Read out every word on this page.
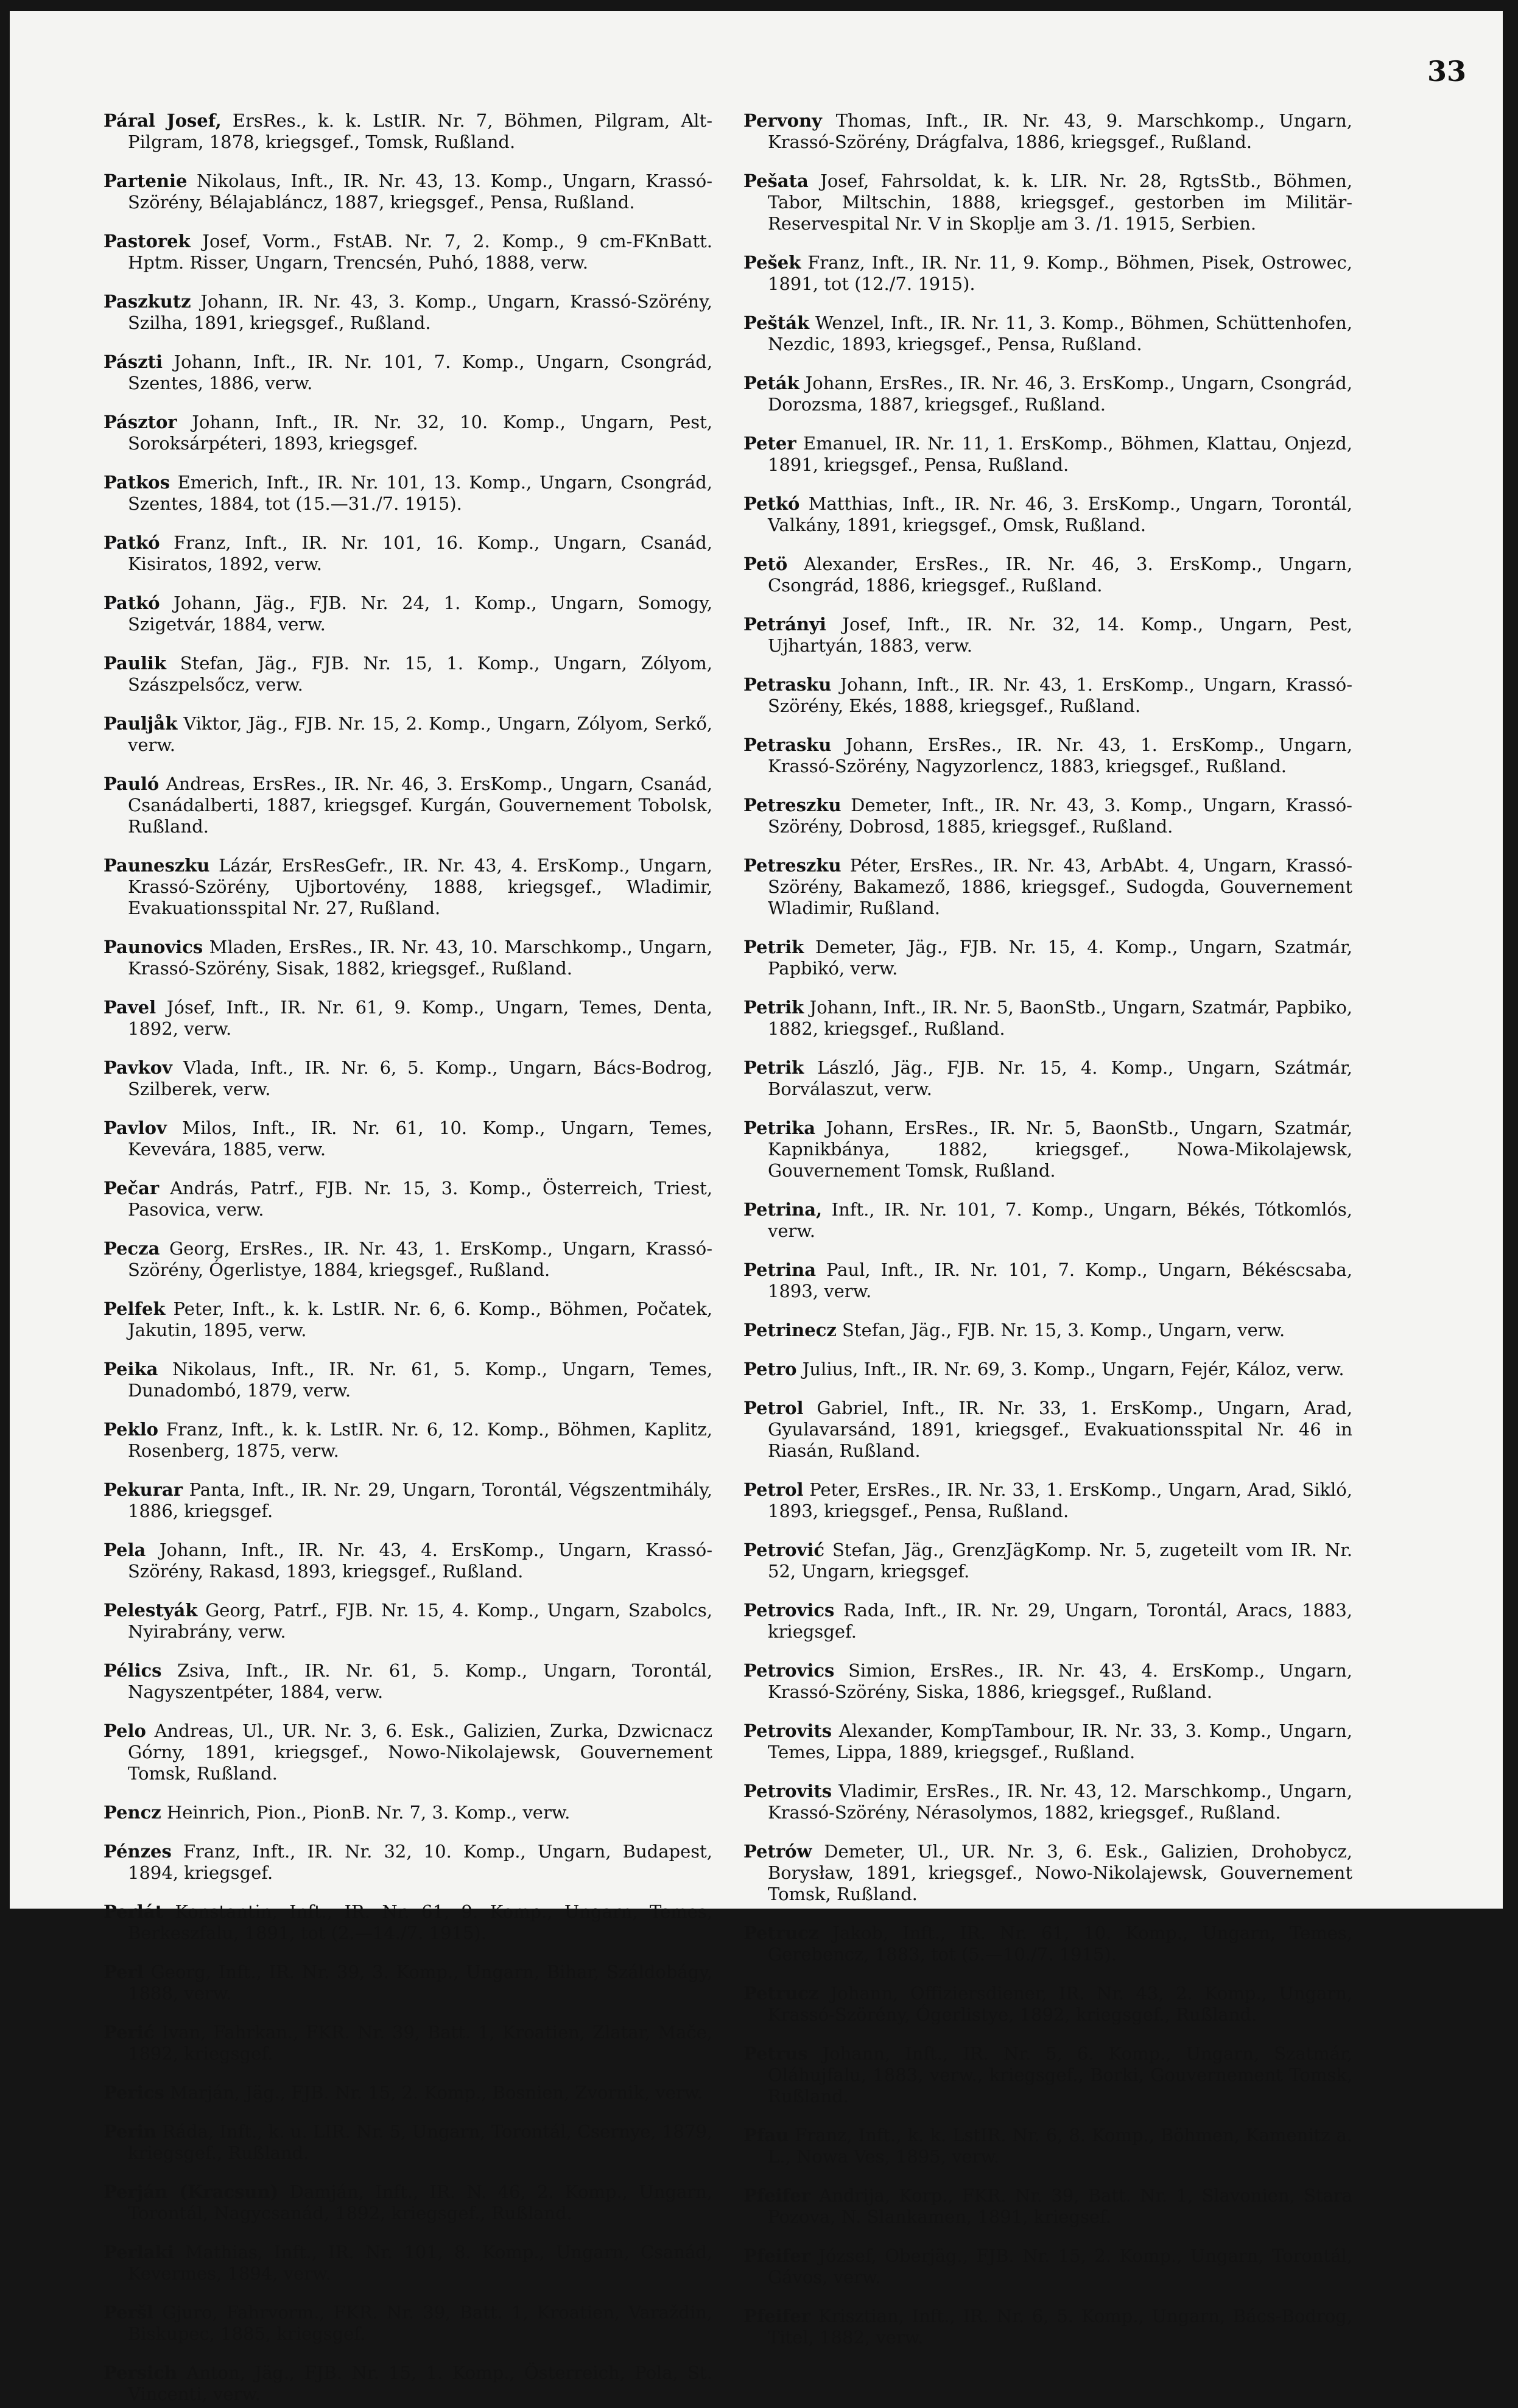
33

Páral Josef, ErsRes., k. k. LstIR. Nr. 7, Böhmen, Pilgram, Alt-Pilgram, 1878, kriegsgef., Tomsk, Rußland.

Partenie Nikolaus, Inft., IR. Nr. 43, 13. Komp., Ungarn, Krassó-Szörény, Bélajabláncz, 1887, kriegsgef., Pensa, Rußland.

Pastorek Josef, Vorm., FstAB. Nr. 7, 2. Komp., 9 cm-FKnBatt. Hptm. Risser, Ungarn, Trencsén, Puhó, 1888, verw.

Paszkutz Johann, IR. Nr. 43, 3. Komp., Ungarn, Krassó-Szörény, Szilha, 1891, kriegsgef., Rußland.

Pászti Johann, Inft., IR. Nr. 101, 7. Komp., Ungarn, Csongrád, Szentes, 1886, verw.

Pásztor Johann, Inft., IR. Nr. 32, 10. Komp., Ungarn, Pest, Soroksárpéteri, 1893, kriegsgef.

Patkos Emerich, Inft., IR. Nr. 101, 13. Komp., Ungarn, Csongrád, Szentes, 1884, tot (15.—31./7. 1915).

Patkó Franz, Inft., IR. Nr. 101, 16. Komp., Ungarn, Csanád, Kisiratos, 1892, verw.

Patkó Johann, Jäg., FJB. Nr. 24, 1. Komp., Ungarn, Somogy, Szigetvár, 1884, verw.

Paulik Stefan, Jäg., FJB. Nr. 15, 1. Komp., Ungarn, Zólyom, Szászpelsőcz, verw.

Pauljåk Viktor, Jäg., FJB. Nr. 15, 2. Komp., Ungarn, Zólyom, Serkő, verw.

Pauló Andreas, ErsRes., IR. Nr. 46, 3. ErsKomp., Ungarn, Csanád, Csanádalberti, 1887, kriegsgef. Kurgán, Gouvernement Tobolsk, Rußland.

Pauneszku Lázár, ErsResGefr., IR. Nr. 43, 4. ErsKomp., Ungarn, Krassó-Szörény, Ujbortovény, 1888, kriegsgef., Wladimir, Evakuationsspital Nr. 27, Rußland.

Paunovics Mladen, ErsRes., IR. Nr. 43, 10. Marschkomp., Ungarn, Krassó-Szörény, Sisak, 1882, kriegsgef., Rußland.

Pavel Jósef, Inft., IR. Nr. 61, 9. Komp., Ungarn, Temes, Denta, 1892, verw.

Pavkov Vlada, Inft., IR. Nr. 6, 5. Komp., Ungarn, Bács-Bodrog, Szilberek, verw.

Pavlov Milos, Inft., IR. Nr. 61, 10. Komp., Ungarn, Temes, Kevevára, 1885, verw.

Pečar András, Patrf., FJB. Nr. 15, 3. Komp., Österreich, Triest, Pasovica, verw.

Pecza Georg, ErsRes., IR. Nr. 43, 1. ErsKomp., Ungarn, Krassó-Szörény, Ógerlistye, 1884, kriegsgef., Rußland.

Pelfek Peter, Inft., k. k. LstIR. Nr. 6, 6. Komp., Böhmen, Počatek, Jakutin, 1895, verw.

Peika Nikolaus, Inft., IR. Nr. 61, 5. Komp., Ungarn, Temes, Dunadombó, 1879, verw.

Peklo Franz, Inft., k. k. LstIR. Nr. 6, 12. Komp., Böhmen, Kaplitz, Rosenberg, 1875, verw.

Pekurar Panta, Inft., IR. Nr. 29, Ungarn, Torontál, Végszentmihály, 1886, kriegsgef.

Pela Johann, Inft., IR. Nr. 43, 4. ErsKomp., Ungarn, Krassó-Szörény, Rakasd, 1893, kriegsgef., Rußland.

Pelestyák Georg, Patrf., FJB. Nr. 15, 4. Komp., Ungarn, Szabolcs, Nyirabrány, verw.

Pélics Zsiva, Inft., IR. Nr. 61, 5. Komp., Ungarn, Torontál, Nagyszentpéter, 1884, verw.

Pelo Andreas, Ul., UR. Nr. 3, 6. Esk., Galizien, Zurka, Dzwicnacz Górny, 1891, kriegsgef., Nowo-Nikolajewsk, Gouvernement Tomsk, Rußland.

Pencz Heinrich, Pion., PionB. Nr. 7, 3. Komp., verw.

Pénzes Franz, Inft., IR. Nr. 32, 10. Komp., Ungarn, Budapest, 1894, kriegsgef.

Perlát Konstantin, Inft., IR. Nr. 61, 9. Komp., Ungarn, Temes, Berkeszfalu, 1891, tot (2.—14./7. 1915).

Perl Georg, Inft., IR. Nr. 39, 3. Komp., Ungarn, Bihar, Száldobágy, 1888, verw.

Perić Ivan, Fahrkan., FKR. Nr. 39, Batt. 1, Kroatien, Zlatar, Mače, 1892, kriegsgef.

Perics Marján, Jäg., FJB. Nr. 15, 2. Komp., Bosnien, Zvornik, verw.

Perin Ráda, Inft., k. u. LIR. Nr. 5, Ungarn, Torontál, Csernye, 1879, kriegsgef., Rußland.

Perján (Kracsun) Damján, Inft., IR. N. 46, 2. Komp., Ungarn, Torontál, Nagycsanád, 1892, kriegsgef., Rußland.

Perlaki Mathias, Inft., IR. Nr. 101, 8. Komp., Ungarn, Csanád, Kevermes, 1894, verw.

Peršl Gjuro, Fahrvorm., FKR. Nr. 39, Batt. 1, Kroatien, Varaždin, Biskupec, 1885, kriegsgef.

Persich Anton, Jäg., FJB. Nr. 15, 1. Komp., Österreich, Pola, St. Vincenti, verw.

Pervony Thomas, Inft., IR. Nr. 43, 9. Marschkomp., Ungarn, Krassó-Szörény, Drágfalva, 1886, kriegsgef., Rußland.

Pešata Josef, Fahrsoldat, k. k. LIR. Nr. 28, RgtsStb., Böhmen, Tabor, Miltschin, 1888, kriegsgef., gestorben im Militär-Reservespital Nr. V in Skoplje am 3. /1. 1915, Serbien.

Pešek Franz, Inft., IR. Nr. 11, 9. Komp., Böhmen, Pisek, Ostrowec, 1891, tot (12./7. 1915).

Pešták Wenzel, Inft., IR. Nr. 11, 3. Komp., Böhmen, Schüttenhofen, Nezdic, 1893, kriegsgef., Pensa, Rußland.

Peták Johann, ErsRes., IR. Nr. 46, 3. ErsKomp., Ungarn, Csongrád, Dorozsma, 1887, kriegsgef., Rußland.

Peter Emanuel, IR. Nr. 11, 1. ErsKomp., Böhmen, Klattau, Onjezd, 1891, kriegsgef., Pensa, Rußland.

Petkó Matthias, Inft., IR. Nr. 46, 3. ErsKomp., Ungarn, Torontál, Valkány, 1891, kriegsgef., Omsk, Rußland.

Petö Alexander, ErsRes., IR. Nr. 46, 3. ErsKomp., Ungarn, Csongrád, 1886, kriegsgef., Rußland.

Petrányi Josef, Inft., IR. Nr. 32, 14. Komp., Ungarn, Pest, Ujhartyán, 1883, verw.

Petrasku Johann, Inft., IR. Nr. 43, 1. ErsKomp., Ungarn, Krassó-Szörény, Ekés, 1888, kriegsgef., Rußland.

Petrasku Johann, ErsRes., IR. Nr. 43, 1. ErsKomp., Ungarn, Krassó-Szörény, Nagyzorlencz, 1883, kriegsgef., Rußland.

Petreszku Demeter, Inft., IR. Nr. 43, 3. Komp., Ungarn, Krassó-Szörény, Dobrosd, 1885, kriegsgef., Rußland.

Petreszku Péter, ErsRes., IR. Nr. 43, ArbAbt. 4, Ungarn, Krassó-Szörény, Bakamező, 1886, kriegsgef., Sudogda, Gouvernement Wladimir, Rußland.

Petrik Demeter, Jäg., FJB. Nr. 15, 4. Komp., Ungarn, Szatmár, Papbikó, verw.

Petrik Johann, Inft., IR. Nr. 5, BaonStb., Ungarn, Szatmár, Papbiko, 1882, kriegsgef., Rußland.

Petrik László, Jäg., FJB. Nr. 15, 4. Komp., Ungarn, Szátmár, Borválaszut, verw.

Petrika Johann, ErsRes., IR. Nr. 5, BaonStb., Ungarn, Szatmár, Kapnikbánya, 1882, kriegsgef., Nowa-Mikolajewsk, Gouvernement Tomsk, Rußland.

Petrina, Inft., IR. Nr. 101, 7. Komp., Ungarn, Békés, Tótkomlós, verw.

Petrina Paul, Inft., IR. Nr. 101, 7. Komp., Ungarn, Békéscsaba, 1893, verw.

Petrinecz Stefan, Jäg., FJB. Nr. 15, 3. Komp., Ungarn, verw.

Petro Julius, Inft., IR. Nr. 69, 3. Komp., Ungarn, Fejér, Káloz, verw.

Petrol Gabriel, Inft., IR. Nr. 33, 1. ErsKomp., Ungarn, Arad, Gyulavarsánd, 1891, kriegsgef., Evakuationsspital Nr. 46 in Riasán, Rußland.

Petrol Peter, ErsRes., IR. Nr. 33, 1. ErsKomp., Ungarn, Arad, Siklό, 1893, kriegsgef., Pensa, Rußland.

Petrović Stefan, Jäg., GrenzJägKomp. Nr. 5, zugeteilt vom IR. Nr. 52, Ungarn, kriegsgef.

Petrovics Rada, Inft., IR. Nr. 29, Ungarn, Torontál, Aracs, 1883, kriegsgef.

Petrovics Simion, ErsRes., IR. Nr. 43, 4. ErsKomp., Ungarn, Krassó-Szörény, Siska, 1886, kriegsgef., Rußland.

Petrovits Alexander, KompTambour, IR. Nr. 33, 3. Komp., Ungarn, Temes, Lippa, 1889, kriegsgef., Rußland.

Petrovits Vladimir, ErsRes., IR. Nr. 43, 12. Marschkomp., Ungarn, Krassó-Szörény, Nérasolymos, 1882, kriegsgef., Rußland.

Petrów Demeter, Ul., UR. Nr. 3, 6. Esk., Galizien, Drohobycz, Borysław, 1891, kriegsgef., Nowo-Nikolajewsk, Gouvernement Tomsk, Rußland.

Petrucz Jakob, Inft., IR. Nr. 61, 10. Komp., Ungarn, Temes, Gerebencz, 1883, tot (5.—10./7. 1915).

Petrucz Johann, Offiziersdiener, IR. Nr. 43, 2. Komp., Ungarn, Krassó-Szörény, Ógerlistye, 1892, kriegsgef., Rußland.

Petrus Johann, Inft., IR. Nr. 5, 6. Komp., Ungarn, Szatmár, Oláhujfalu, 1883, verw., kriegsgef., Borki, Gouvernement Tomsk, Rußland.

Pfau Franz, Inft., k. k. LstIR. Nr. 6, 8. Komp., Böhmen, Kamenitz a. L., Nowa Ves, 1895, verw.

Pfeifer Andrija, Korp., FKR. Nr. 39, Batt. Nr. 1, Slavonien, Stara Pozova, N. Slankamen, 1891, kriegsef.

Pfeifer József, Oberjäg., FJB. Nr. 15, 2. Komp., Ungarn, Torontál, Gávos, verw.

Pfeifer Krisztian, Inft., IR. Nr. 6, 5. Komp., Ungarn, Bács-Bodrog, Titel, 1882, verw.
